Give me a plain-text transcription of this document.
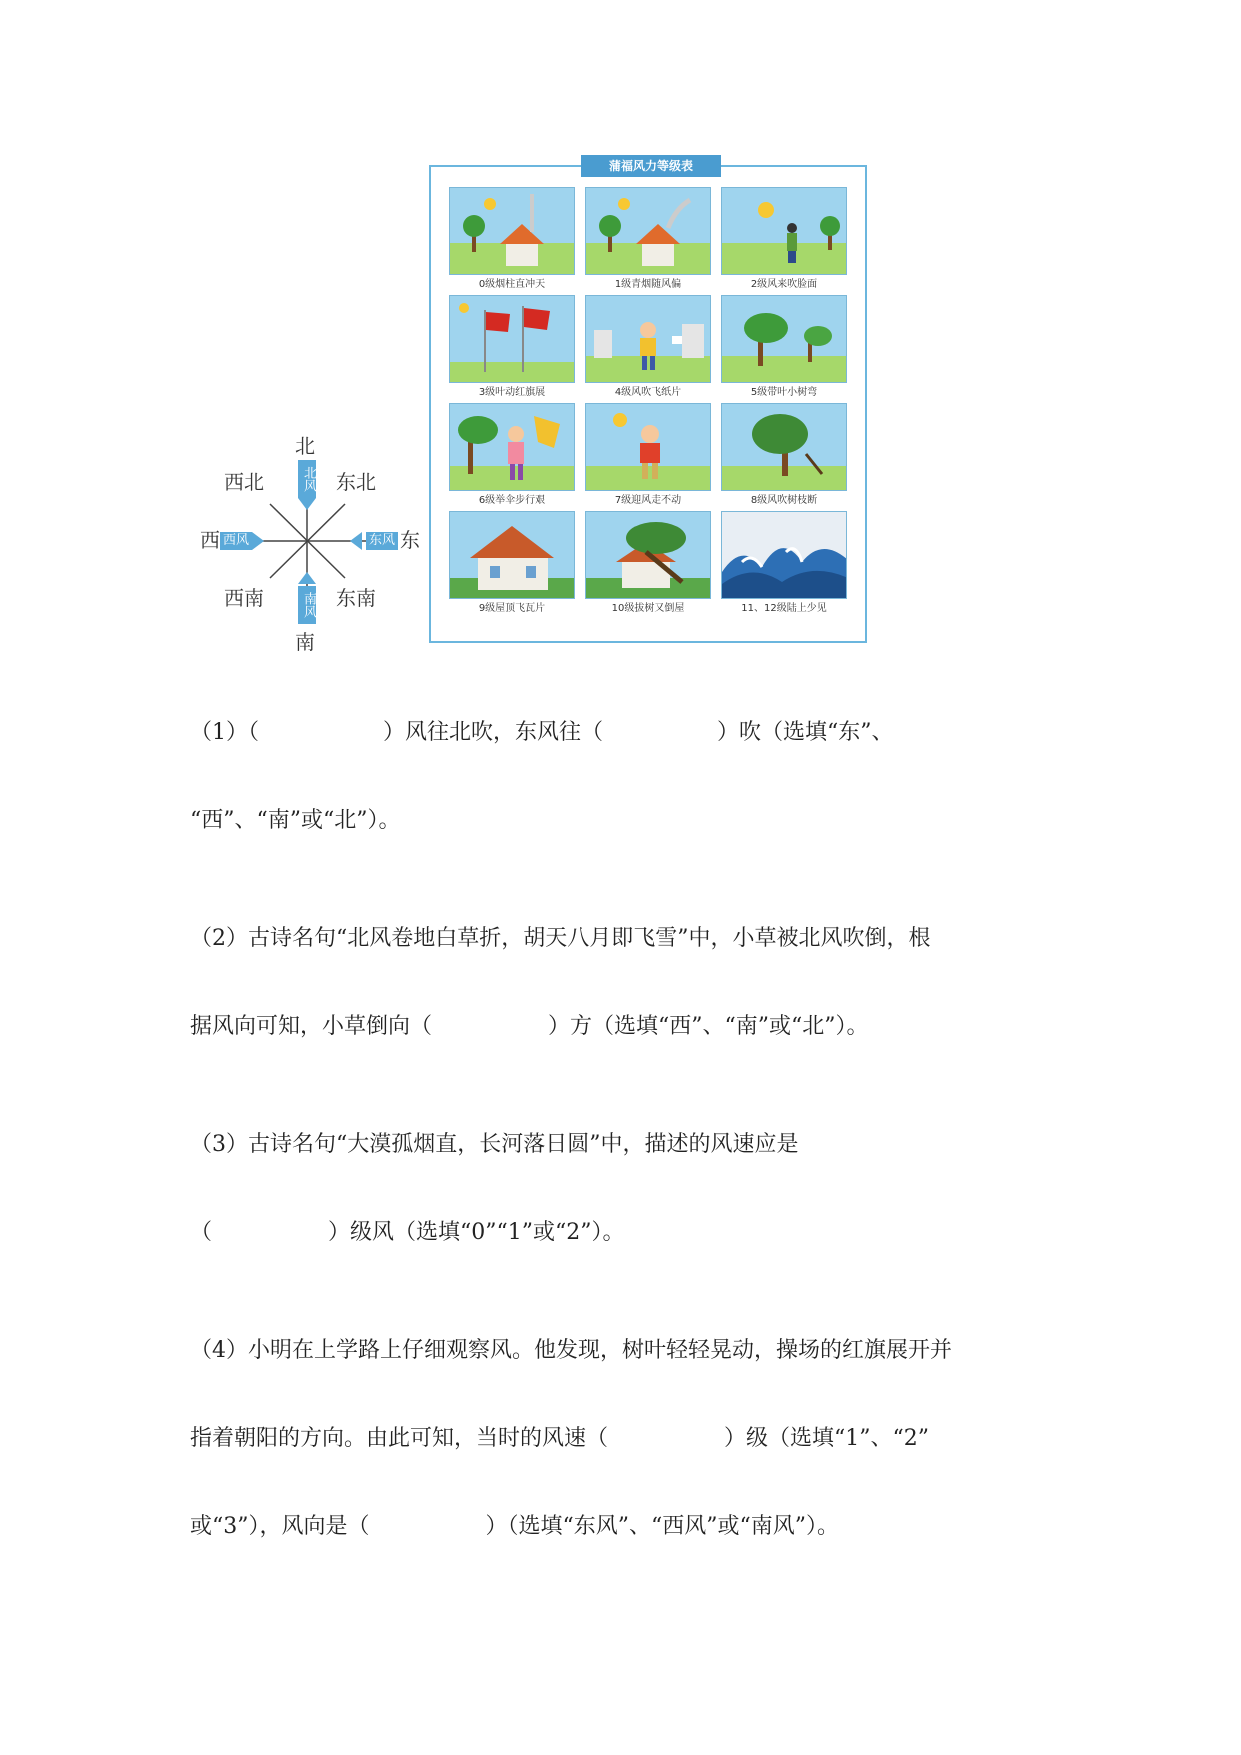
北
北风
西北	东北
西 西风	东风 东
西南	东南
南风
南
蒲福风力等级表
0级烟柱直冲天	1级青烟随风偏	2级风来吹脸面
3级叶动红旗展	4级风吹飞纸片	5级带叶小树弯
6级举伞步行艰	7级迎风走不动	8级风吹树枝断
9级屋顶飞瓦片	10级拔树又倒屋	11、12级陆上少见
（1）（	）风往北吹，东风往（	）吹（选填“东”、
“西”、“南”或“北”）。
（2）古诗名句“北风卷地白草折，胡天八月即飞雪”中，小草被北风吹倒，根
据风向可知，小草倒向（	）方（选填“西”、“南”或“北”）。
（3）古诗名句“大漠孤烟直，长河落日圆”中，描述的风速应是
（	）级风（选填“0”“1”或“2”）。
（4）小明在上学路上仔细观察风。他发现，树叶轻轻晃动，操场的红旗展开并
指着朝阳的方向。由此可知，当时的风速（	）级（选填“1”、“2”
或“3”），风向是（	）（选填“东风”、“西风”或“南风”）。
